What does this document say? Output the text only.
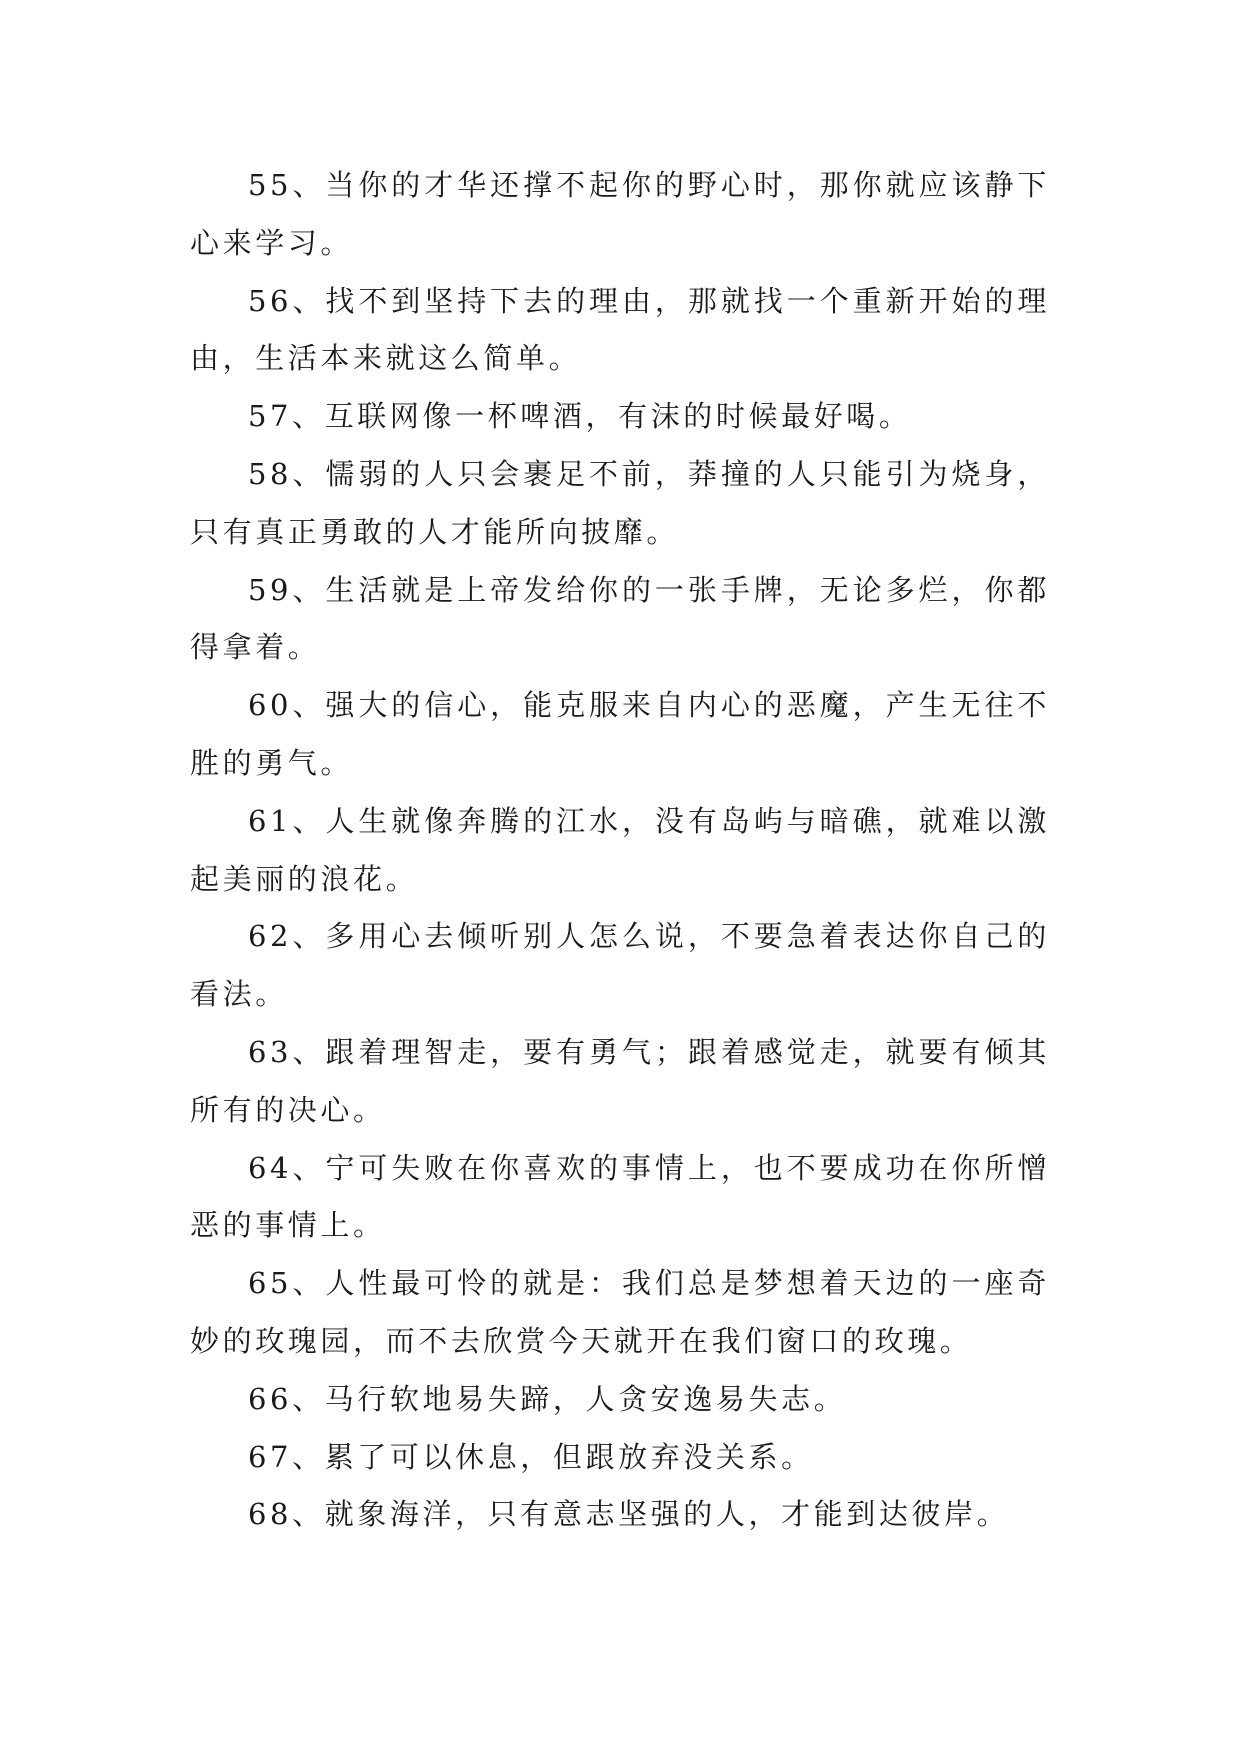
55、当你的才华还撑不起你的野心时，那你就应该静下心来学习。

56、找不到坚持下去的理由，那就找一个重新开始的理由，生活本来就这么简单。

57、互联网像一杯啤酒，有沫的时候最好喝。

58、懦弱的人只会裹足不前，莽撞的人只能引为烧身，只有真正勇敢的人才能所向披靡。

59、生活就是上帝发给你的一张手牌，无论多烂，你都得拿着。

60、强大的信心，能克服来自内心的恶魔，产生无往不胜的勇气。

61、人生就像奔腾的江水，没有岛屿与暗礁，就难以激起美丽的浪花。

62、多用心去倾听别人怎么说，不要急着表达你自己的看法。

63、跟着理智走，要有勇气；跟着感觉走，就要有倾其所有的决心。

64、宁可失败在你喜欢的事情上，也不要成功在你所憎恶的事情上。

65、人性最可怜的就是：我们总是梦想着天边的一座奇妙的玫瑰园，而不去欣赏今天就开在我们窗口的玫瑰。

66、马行软地易失蹄，人贪安逸易失志。

67、累了可以休息，但跟放弃没关系。

68、就象海洋，只有意志坚强的人，才能到达彼岸。
